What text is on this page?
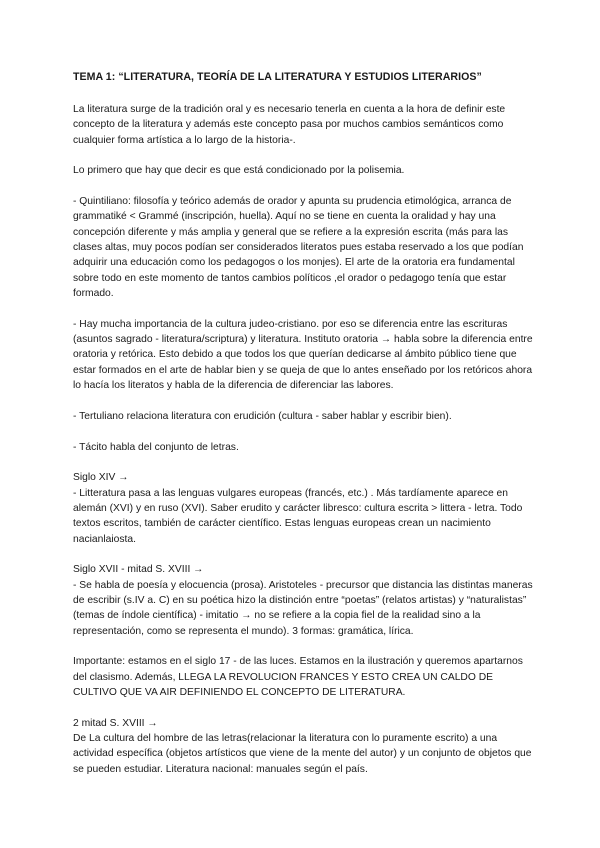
TEMA 1: “LITERATURA, TEORÍA DE LA LITERATURA Y ESTUDIOS LITERARIOS”

La literatura surge de la tradición oral y es necesario tenerla en cuenta a la hora de definir este concepto de la literatura y además este concepto pasa por muchos cambios semánticos como cualquier forma artística a lo largo de la historia-.

Lo primero que hay que decir es que está condicionado por la polisemia.

- Quintiliano: filosofía y teórico además de orador y apunta su prudencia etimológica, arranca de grammatiké < Grammé (inscripción, huella). Aquí no se tiene en cuenta la oralidad y hay una concepción diferente y más amplia y general que se refiere a la expresión escrita (más para las clases altas, muy pocos podían ser considerados literatos pues estaba reservado a los que podían adquirir una educación como los pedagogos o los monjes). El arte de la oratoria era fundamental sobre todo en este momento de tantos cambios políticos ,el orador o pedagogo tenía que estar formado.

- Hay mucha importancia de la cultura judeo-cristiano. por eso se diferencia entre las escrituras (asuntos sagrado - literatura/scriptura) y literatura. Instituto oratoria → habla sobre la diferencia entre oratoria y retórica. Esto debido a que todos los que querían dedicarse al ámbito público tiene que estar formados en el arte de hablar bien y se queja de que lo antes enseñado por los retóricos ahora lo hacía los literatos y habla de la diferencia de diferenciar las labores.

- Tertuliano relaciona literatura con erudición (cultura - saber hablar y escribir bien).

- Tácito habla del conjunto de letras.

Siglo XIV →

- Litteratura pasa a las lenguas vulgares europeas (francés, etc.) . Más tardíamente aparece en alemán (XVI) y en ruso (XVI). Saber erudito y carácter libresco: cultura escrita > littera - letra. Todo textos escritos, también de carácter científico. Estas lenguas europeas crean un nacimiento nacianlaiosta.

Siglo XVII - mitad S. XVIII →

- Se habla de poesía y elocuencia (prosa). Aristoteles - precursor que distancia las distintas maneras de escribir (s.IV a. C) en su poética hizo la distinción entre “poetas” (relatos artistas) y “naturalistas” (temas de índole científica) - imitatio → no se refiere a la copia fiel de la realidad sino a la representación, como se representa el mundo). 3 formas: gramática, lírica.

Importante: estamos en el siglo 17 - de las luces. Estamos en la ilustración y queremos apartarnos del clasismo. Además, LLEGA LA REVOLUCION FRANCES Y ESTO CREA UN CALDO DE CULTIVO QUE VA AIR DEFINIENDO EL CONCEPTO DE LITERATURA.

2 mitad S. XVIII →

De La cultura del hombre de las letras(relacionar la literatura con lo puramente escrito) a una actividad específica (objetos artísticos que viene de la mente del autor) y un conjunto de objetos que se pueden estudiar. Literatura nacional: manuales según el país.
